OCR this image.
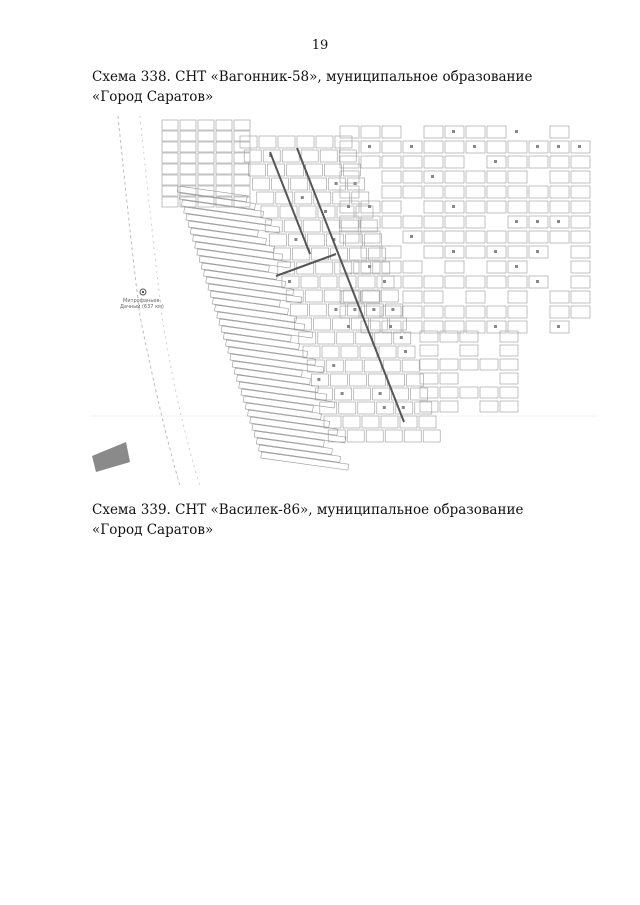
19
Схема 338. СНТ «Вагонник-58», муниципальное образование «Город Саратов»
Митрофаньев-
Дачный (637 км)
Схема 339. СНТ «Василек-86», муниципальное образование «Город Саратов»
